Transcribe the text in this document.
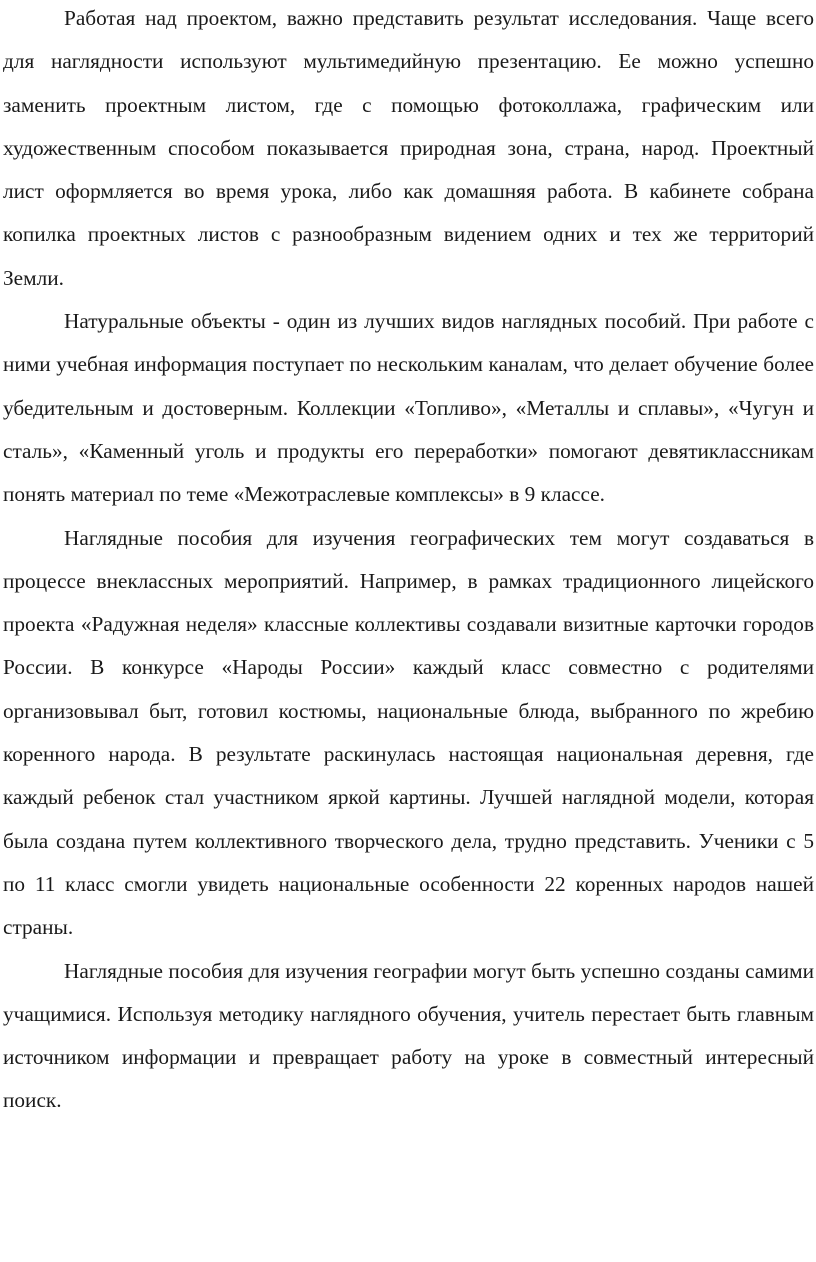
Работая над проектом, важно представить результат исследования. Чаще всего для наглядности используют мультимедийную презентацию. Ее можно успешно заменить проектным листом, где с помощью фотоколлажа, графическим или художественным способом показывается природная зона, страна, народ. Проектный лист оформляется во время урока, либо как домашняя работа. В кабинете собрана копилка проектных листов с разнообразным видением одних и тех же территорий Земли.

Натуральные объекты - один из лучших видов наглядных пособий. При работе с ними учебная информация поступает по нескольким каналам, что делает обучение более убедительным и достоверным. Коллекции «Топливо», «Металлы и сплавы», «Чугун и сталь», «Каменный уголь и продукты его переработки» помогают девятиклассникам понять материал по теме «Межотраслевые комплексы» в 9 классе.

Наглядные пособия для изучения географических тем могут создаваться в процессе внеклассных мероприятий. Например, в рамках традиционного лицейского проекта «Радужная неделя» классные коллективы создавали визитные карточки городов России. В конкурсе «Народы России» каждый класс совместно с родителями организовывал быт, готовил костюмы, национальные блюда, выбранного по жребию коренного народа. В результате раскинулась настоящая национальная деревня, где каждый ребенок стал участником яркой картины. Лучшей наглядной модели, которая была создана путем коллективного творческого дела, трудно представить. Ученики с 5 по 11 класс смогли увидеть национальные особенности 22 коренных народов нашей страны.

Наглядные пособия для изучения географии могут быть успешно созданы самими учащимися. Используя методику наглядного обучения, учитель перестает быть главным источником информации и превращает работу на уроке в совместный интересный поиск.
